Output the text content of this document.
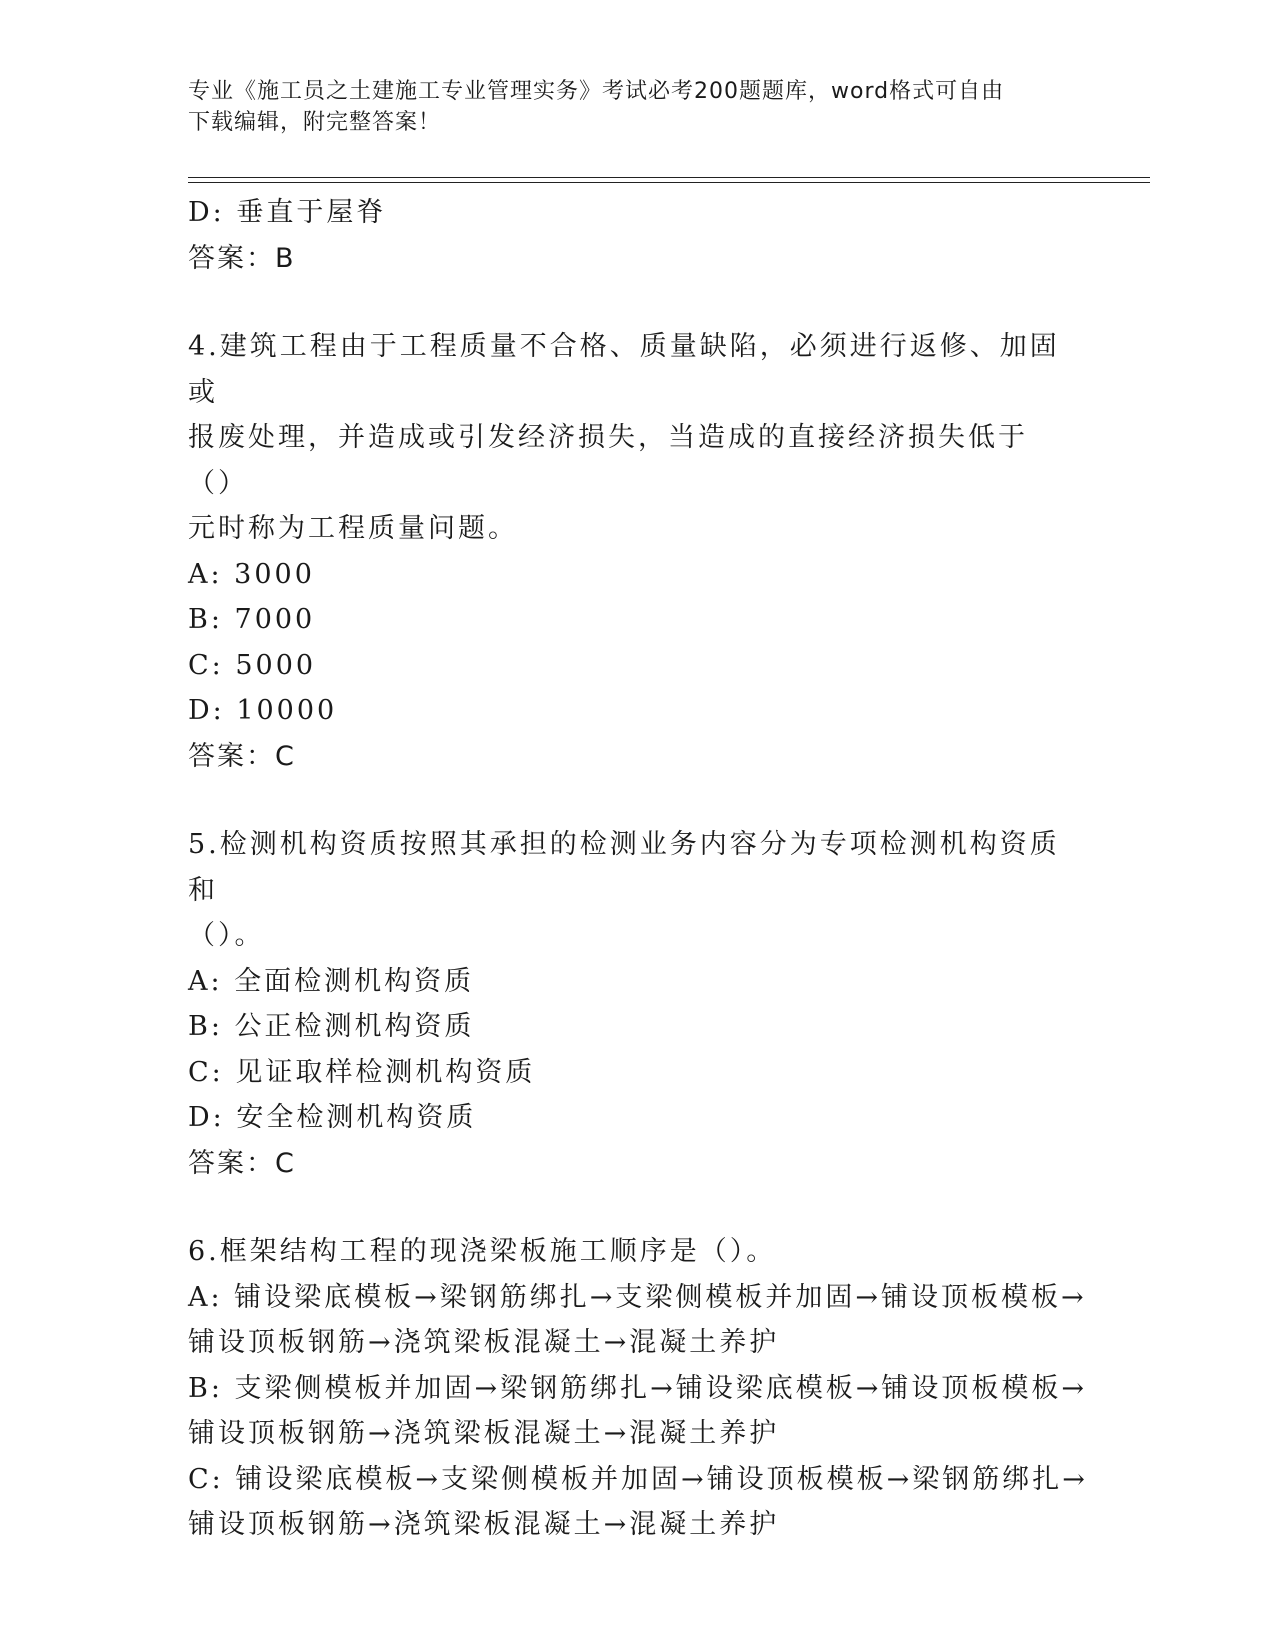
专业《施工员之土建施工专业管理实务》考试必考200题题库，word格式可自由
下载编辑，附完整答案！
D: 垂直于屋脊
答案：B
4.建筑工程由于工程质量不合格、质量缺陷，必须进行返修、加固或
报废处理，并造成或引发经济损失，当造成的直接经济损失低于（）
元时称为工程质量问题。
A: 3000
B: 7000
C: 5000
D: 10000
答案：C
5.检测机构资质按照其承担的检测业务内容分为专项检测机构资质和
（）。
A: 全面检测机构资质
B: 公正检测机构资质
C: 见证取样检测机构资质
D: 安全检测机构资质
答案：C
6.框架结构工程的现浇梁板施工顺序是（）。
A: 铺设梁底模板→梁钢筋绑扎→支梁侧模板并加固→铺设顶板模板→
铺设顶板钢筋→浇筑梁板混凝土→混凝土养护
B: 支梁侧模板并加固→梁钢筋绑扎→铺设梁底模板→铺设顶板模板→
铺设顶板钢筋→浇筑梁板混凝土→混凝土养护
C: 铺设梁底模板→支梁侧模板并加固→铺设顶板模板→梁钢筋绑扎→
铺设顶板钢筋→浇筑梁板混凝土→混凝土养护
